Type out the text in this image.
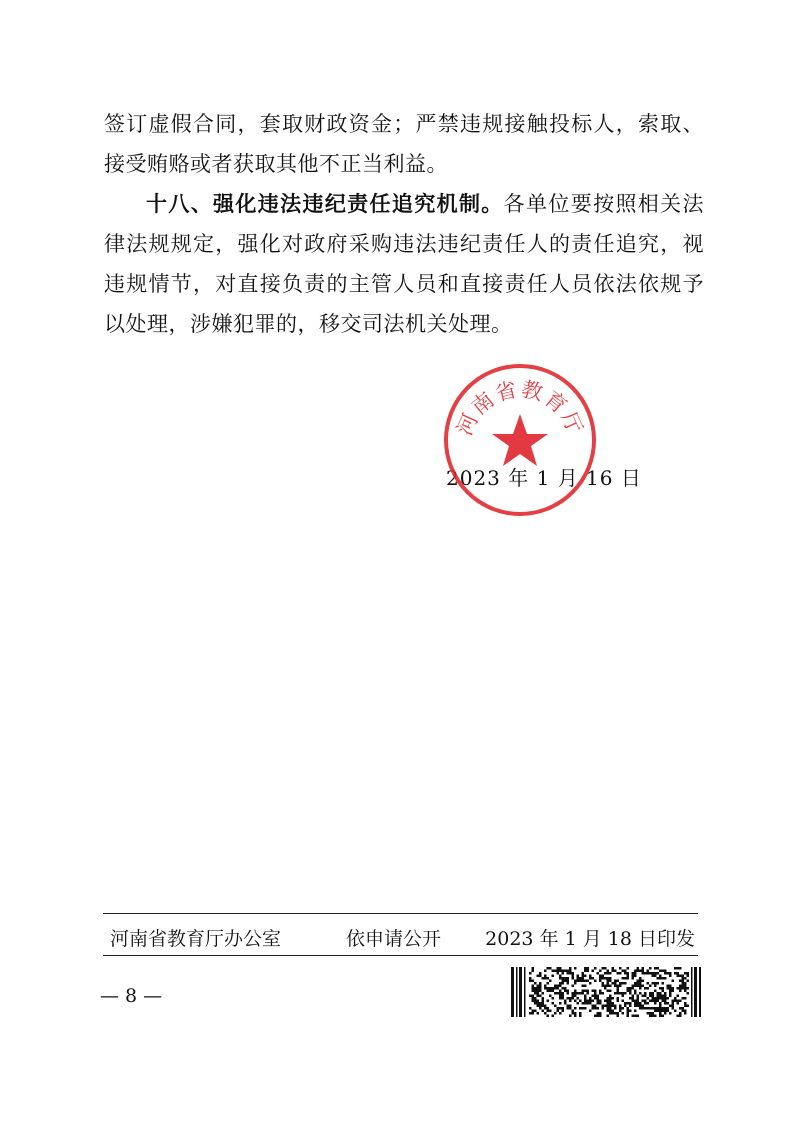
签订虚假合同，套取财政资金；严禁违规接触投标人，索取、接受贿赂或者获取其他不正当利益。

十八、强化违法违纪责任追究机制。各单位要按照相关法律法规规定，强化对政府采购违法违纪责任人的责任追究，视违规情节，对直接负责的主管人员和直接责任人员依法依规予以处理，涉嫌犯罪的，移交司法机关处理。

2023 年 1 月 16 日
河南省教育厅
河南省教育厅办公室	依申请公开 2023 年 1 月 18 日印发
— 8 —
